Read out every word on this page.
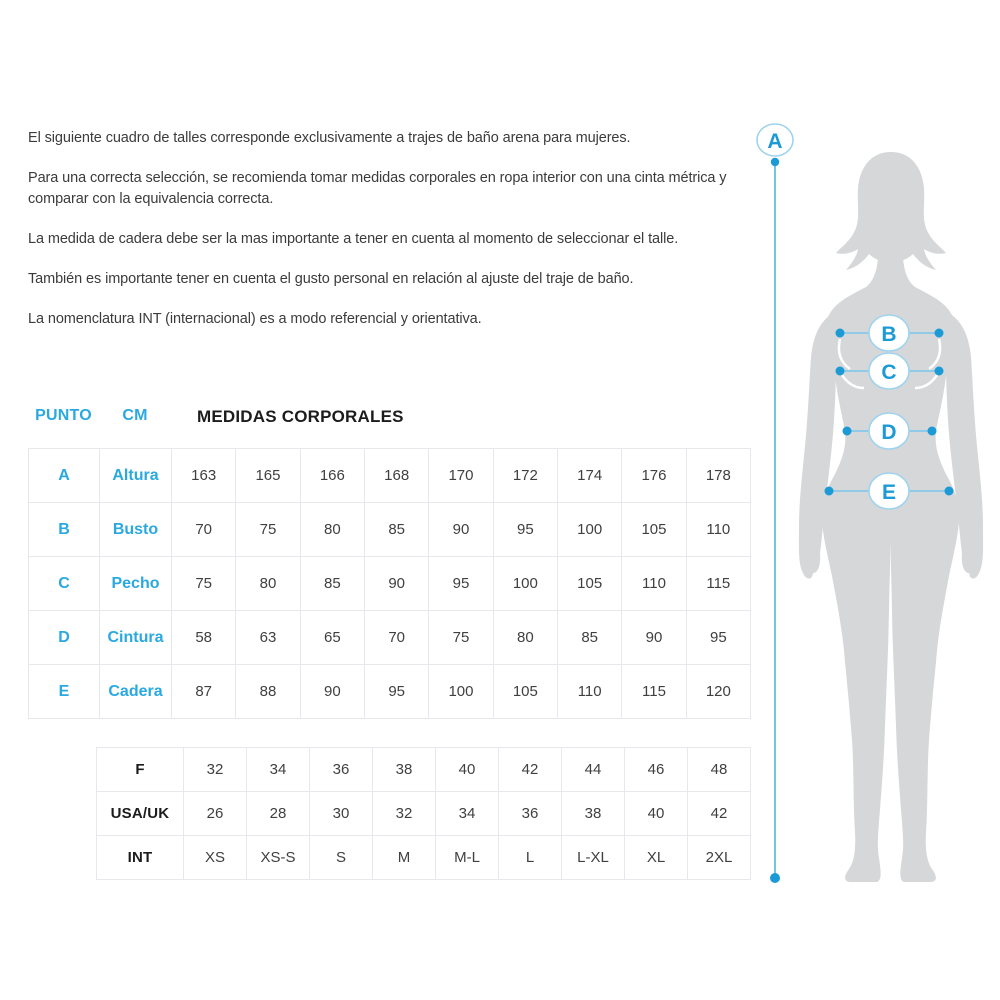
El siguiente cuadro de talles corresponde exclusivamente a trajes de baño arena para mujeres.

Para una correcta selección, se recomienda tomar medidas corporales en ropa interior con una cinta métrica y comparar con la equivalencia correcta.

La medida de cadera debe ser la mas importante a tener en cuenta al momento de seleccionar el talle.

También es importante tener en cuenta el gusto personal en relación al ajuste del traje de baño.

La nomenclatura INT (internacional) es a modo referencial y orientativa.

PUNTO	CM	MEDIDAS CORPORALES
A	Altura	163	165	166	168	170	172	174	176	178
B	Busto	70	75	80	85	90	95	100	105	110
C	Pecho	75	80	85	90	95	100	105	110	115
D	Cintura	58	63	65	70	75	80	85	90	95
E	Cadera	87	88	90	95	100	105	110	115	120
F	32	34	36	38	40	42	44	46	48
USA/UK	26	28	30	32	34	36	38	40	42
INT	XS	XS-S	S	M	M-L	L	L-XL	XL	2XL
A
B
C
D
E
